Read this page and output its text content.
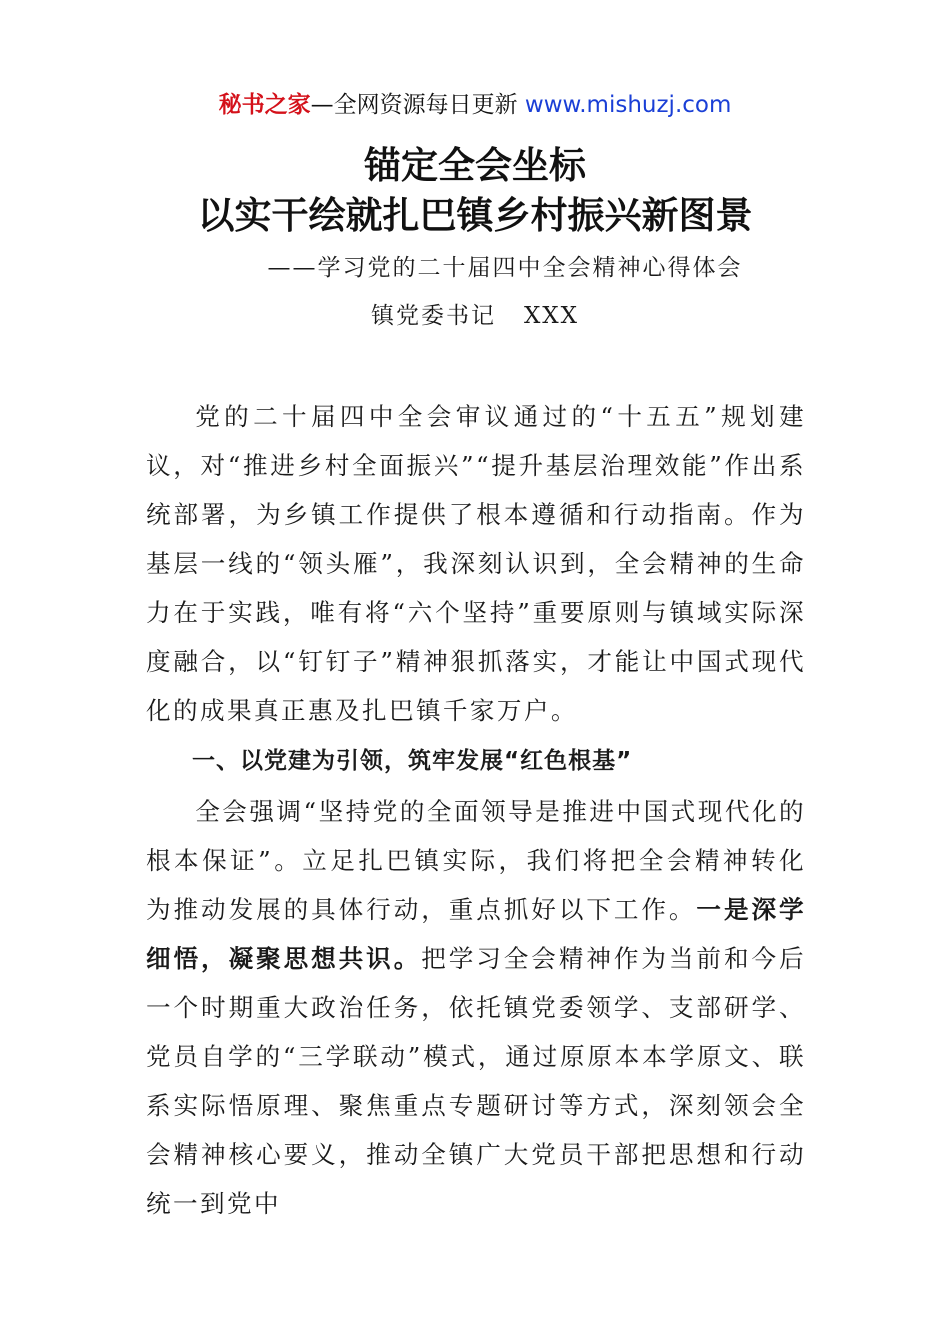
秘书之家—全网资源每日更新 www.mishuzj.com
锚定全会坐标
以实干绘就扎巴镇乡村振兴新图景
——学习党的二十届四中全会精神心得体会
镇党委书记 XXX

党的二十届四中全会审议通过的“十五五”规划建议，对“推进乡村全面振兴”“提升基层治理效能”作出系统部署，为乡镇工作提供了根本遵循和行动指南。作为基层一线的“领头雁”，我深刻认识到，全会精神的生命力在于实践，唯有将“六个坚持”重要原则与镇域实际深度融合，以“钉钉子”精神狠抓落实，才能让中国式现代化的成果真正惠及扎巴镇千家万户。

一、以党建为引领，筑牢发展“红色根基”

全会强调“坚持党的全面领导是推进中国式现代化的根本保证”。立足扎巴镇实际，我们将把全会精神转化为推动发展的具体行动，重点抓好以下工作。一是深学细悟，凝聚思想共识。把学习全会精神作为当前和今后一个时期重大政治任务，依托镇党委领学、支部研学、党员自学的“三学联动”模式，通过原原本本学原文、联系实际悟原理、聚焦重点专题研讨等方式，深刻领会全会精神核心要义，推动全镇广大党员干部把思想和行动统一到党中
